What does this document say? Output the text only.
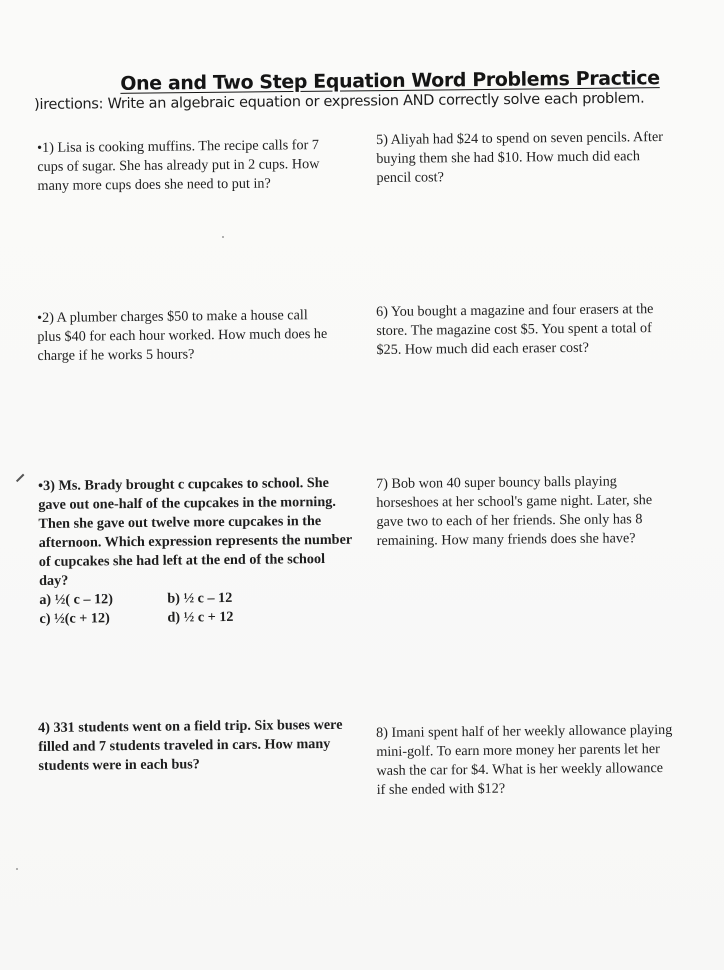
One and Two Step Equation Word Problems Practice
)irections: Write an algebraic equation or expression AND correctly solve each problem.
•1) Lisa is cooking muffins. The recipe calls for 7
cups of sugar. She has already put in 2 cups. How
many more cups does she need to put in?
5) Aliyah had $24 to spend on seven pencils. After
buying them she had $10. How much did each
pencil cost?
•2) A plumber charges $50 to make a house call
plus $40 for each hour worked. How much does he
charge if he works 5 hours?
6) You bought a magazine and four erasers at the
store. The magazine cost $5. You spent a total of
$25. How much did each eraser cost?
•3) Ms. Brady brought c cupcakes to school. She
gave out one-half of the cupcakes in the morning.
Then she gave out twelve more cupcakes in the
afternoon. Which expression represents the number
of cupcakes she had left at the end of the school
day?
a) ½( c – 12)	b) ½ c – 12
c) ½(c + 12)	d) ½ c + 12
7) Bob won 40 super bouncy balls playing
horseshoes at her school's game night. Later, she
gave two to each of her friends. She only has 8
remaining. How many friends does she have?
4) 331 students went on a field trip. Six buses were
filled and 7 students traveled in cars. How many
students were in each bus?
8) Imani spent half of her weekly allowance playing
mini-golf. To earn more money her parents let her
wash the car for $4. What is her weekly allowance
if she ended with $12?
